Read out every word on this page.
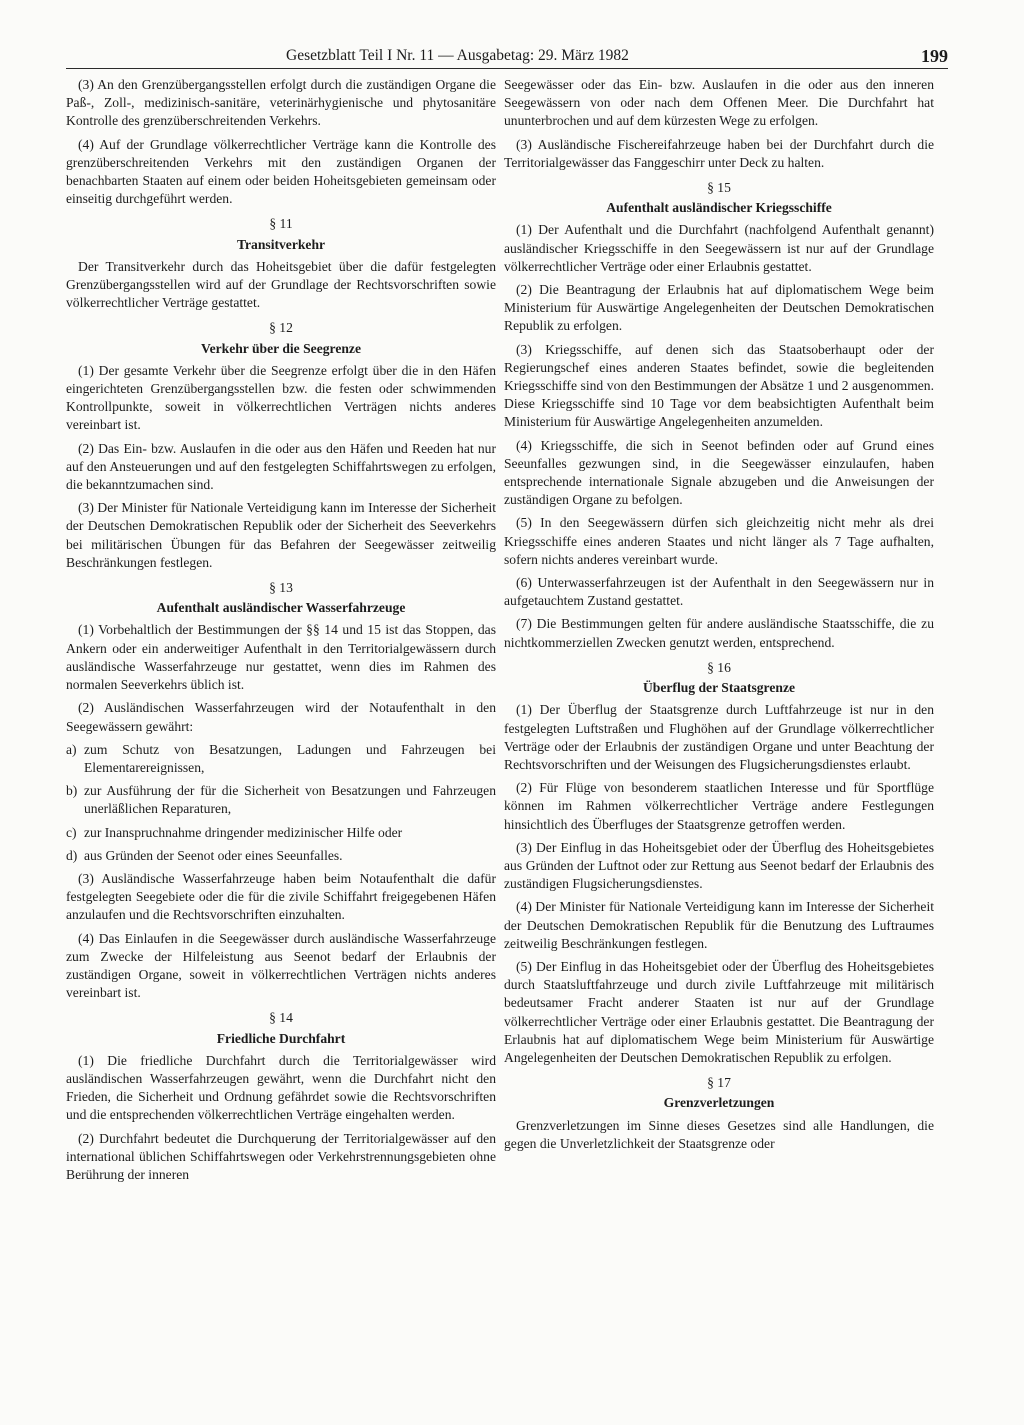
Gesetzblatt Teil I Nr. 11 — Ausgabetag: 29. März 1982	199

(3) An den Grenzübergangsstellen erfolgt durch die zuständigen Organe die Paß-, Zoll-, medizinisch-sanitäre, veterinärhygienische und phytosanitäre Kontrolle des grenzüberschreitenden Verkehrs.

(4) Auf der Grundlage völkerrechtlicher Verträge kann die Kontrolle des grenzüberschreitenden Verkehrs mit den zuständigen Organen der benachbarten Staaten auf einem oder beiden Hoheitsgebieten gemeinsam oder einseitig durchgeführt werden.

§ 11
Transitverkehr

Der Transitverkehr durch das Hoheitsgebiet über die dafür festgelegten Grenzübergangsstellen wird auf der Grundlage der Rechtsvorschriften sowie völkerrechtlicher Verträge gestattet.

§ 12
Verkehr über die Seegrenze

(1) Der gesamte Verkehr über die Seegrenze erfolgt über die in den Häfen eingerichteten Grenzübergangsstellen bzw. die festen oder schwimmenden Kontrollpunkte, soweit in völkerrechtlichen Verträgen nichts anderes vereinbart ist.

(2) Das Ein- bzw. Auslaufen in die oder aus den Häfen und Reeden hat nur auf den Ansteuerungen und auf den festgelegten Schiffahrtswegen zu erfolgen, die bekanntzumachen sind.

(3) Der Minister für Nationale Verteidigung kann im Interesse der Sicherheit der Deutschen Demokratischen Republik oder der Sicherheit des Seeverkehrs bei militärischen Übungen für das Befahren der Seegewässer zeitweilig Beschränkungen festlegen.

§ 13
Aufenthalt ausländischer Wasserfahrzeuge

(1) Vorbehaltlich der Bestimmungen der §§ 14 und 15 ist das Stoppen, das Ankern oder ein anderweitiger Aufenthalt in den Territorialgewässern durch ausländische Wasserfahrzeuge nur gestattet, wenn dies im Rahmen des normalen Seeverkehrs üblich ist.

(2) Ausländischen Wasserfahrzeugen wird der Notaufenthalt in den Seegewässern gewährt:

a) zum Schutz von Besatzungen, Ladungen und Fahrzeugen bei Elementarereignissen,
b) zur Ausführung der für die Sicherheit von Besatzungen und Fahrzeugen unerläßlichen Reparaturen,
c) zur Inanspruchnahme dringender medizinischer Hilfe oder
d) aus Gründen der Seenot oder eines Seeunfalles.

(3) Ausländische Wasserfahrzeuge haben beim Notaufenthalt die dafür festgelegten Seegebiete oder die für die zivile Schiffahrt freigegebenen Häfen anzulaufen und die Rechtsvorschriften einzuhalten.

(4) Das Einlaufen in die Seegewässer durch ausländische Wasserfahrzeuge zum Zwecke der Hilfeleistung aus Seenot bedarf der Erlaubnis der zuständigen Organe, soweit in völkerrechtlichen Verträgen nichts anderes vereinbart ist.

§ 14
Friedliche Durchfahrt

(1) Die friedliche Durchfahrt durch die Territorialgewässer wird ausländischen Wasserfahrzeugen gewährt, wenn die Durchfahrt nicht den Frieden, die Sicherheit und Ordnung gefährdet sowie die Rechtsvorschriften und die entsprechenden völkerrechtlichen Verträge eingehalten werden.

(2) Durchfahrt bedeutet die Durchquerung der Territorialgewässer auf den international üblichen Schiffahrtswegen oder Verkehrstrennungsgebieten ohne Berührung der inneren

Seegewässer oder das Ein- bzw. Auslaufen in die oder aus den inneren Seegewässern von oder nach dem Offenen Meer. Die Durchfahrt hat ununterbrochen und auf dem kürzesten Wege zu erfolgen.

(3) Ausländische Fischereifahrzeuge haben bei der Durchfahrt durch die Territorialgewässer das Fanggeschirr unter Deck zu halten.

§ 15
Aufenthalt ausländischer Kriegsschiffe

(1) Der Aufenthalt und die Durchfahrt (nachfolgend Aufenthalt genannt) ausländischer Kriegsschiffe in den Seegewässern ist nur auf der Grundlage völkerrechtlicher Verträge oder einer Erlaubnis gestattet.

(2) Die Beantragung der Erlaubnis hat auf diplomatischem Wege beim Ministerium für Auswärtige Angelegenheiten der Deutschen Demokratischen Republik zu erfolgen.

(3) Kriegsschiffe, auf denen sich das Staatsoberhaupt oder der Regierungschef eines anderen Staates befindet, sowie die begleitenden Kriegsschiffe sind von den Bestimmungen der Absätze 1 und 2 ausgenommen. Diese Kriegsschiffe sind 10 Tage vor dem beabsichtigten Aufenthalt beim Ministerium für Auswärtige Angelegenheiten anzumelden.

(4) Kriegsschiffe, die sich in Seenot befinden oder auf Grund eines Seeunfalles gezwungen sind, in die Seegewässer einzulaufen, haben entsprechende internationale Signale abzugeben und die Anweisungen der zuständigen Organe zu befolgen.

(5) In den Seegewässern dürfen sich gleichzeitig nicht mehr als drei Kriegsschiffe eines anderen Staates und nicht länger als 7 Tage aufhalten, sofern nichts anderes vereinbart wurde.

(6) Unterwasserfahrzeugen ist der Aufenthalt in den Seegewässern nur in aufgetauchtem Zustand gestattet.

(7) Die Bestimmungen gelten für andere ausländische Staatsschiffe, die zu nichtkommerziellen Zwecken genutzt werden, entsprechend.

§ 16
Überflug der Staatsgrenze

(1) Der Überflug der Staatsgrenze durch Luftfahrzeuge ist nur in den festgelegten Luftstraßen und Flughöhen auf der Grundlage völkerrechtlicher Verträge oder der Erlaubnis der zuständigen Organe und unter Beachtung der Rechtsvorschriften und der Weisungen des Flugsicherungsdienstes erlaubt.

(2) Für Flüge von besonderem staatlichen Interesse und für Sportflüge können im Rahmen völkerrechtlicher Verträge andere Festlegungen hinsichtlich des Überfluges der Staatsgrenze getroffen werden.

(3) Der Einflug in das Hoheitsgebiet oder der Überflug des Hoheitsgebietes aus Gründen der Luftnot oder zur Rettung aus Seenot bedarf der Erlaubnis des zuständigen Flugsicherungsdienstes.

(4) Der Minister für Nationale Verteidigung kann im Interesse der Sicherheit der Deutschen Demokratischen Republik für die Benutzung des Luftraumes zeitweilig Beschränkungen festlegen.

(5) Der Einflug in das Hoheitsgebiet oder der Überflug des Hoheitsgebietes durch Staatsluftfahrzeuge und durch zivile Luftfahrzeuge mit militärisch bedeutsamer Fracht anderer Staaten ist nur auf der Grundlage völkerrechtlicher Verträge oder einer Erlaubnis gestattet. Die Beantragung der Erlaubnis hat auf diplomatischem Wege beim Ministerium für Auswärtige Angelegenheiten der Deutschen Demokratischen Republik zu erfolgen.

§ 17
Grenzverletzungen

Grenzverletzungen im Sinne dieses Gesetzes sind alle Handlungen, die gegen die Unverletzlichkeit der Staatsgrenze oder
